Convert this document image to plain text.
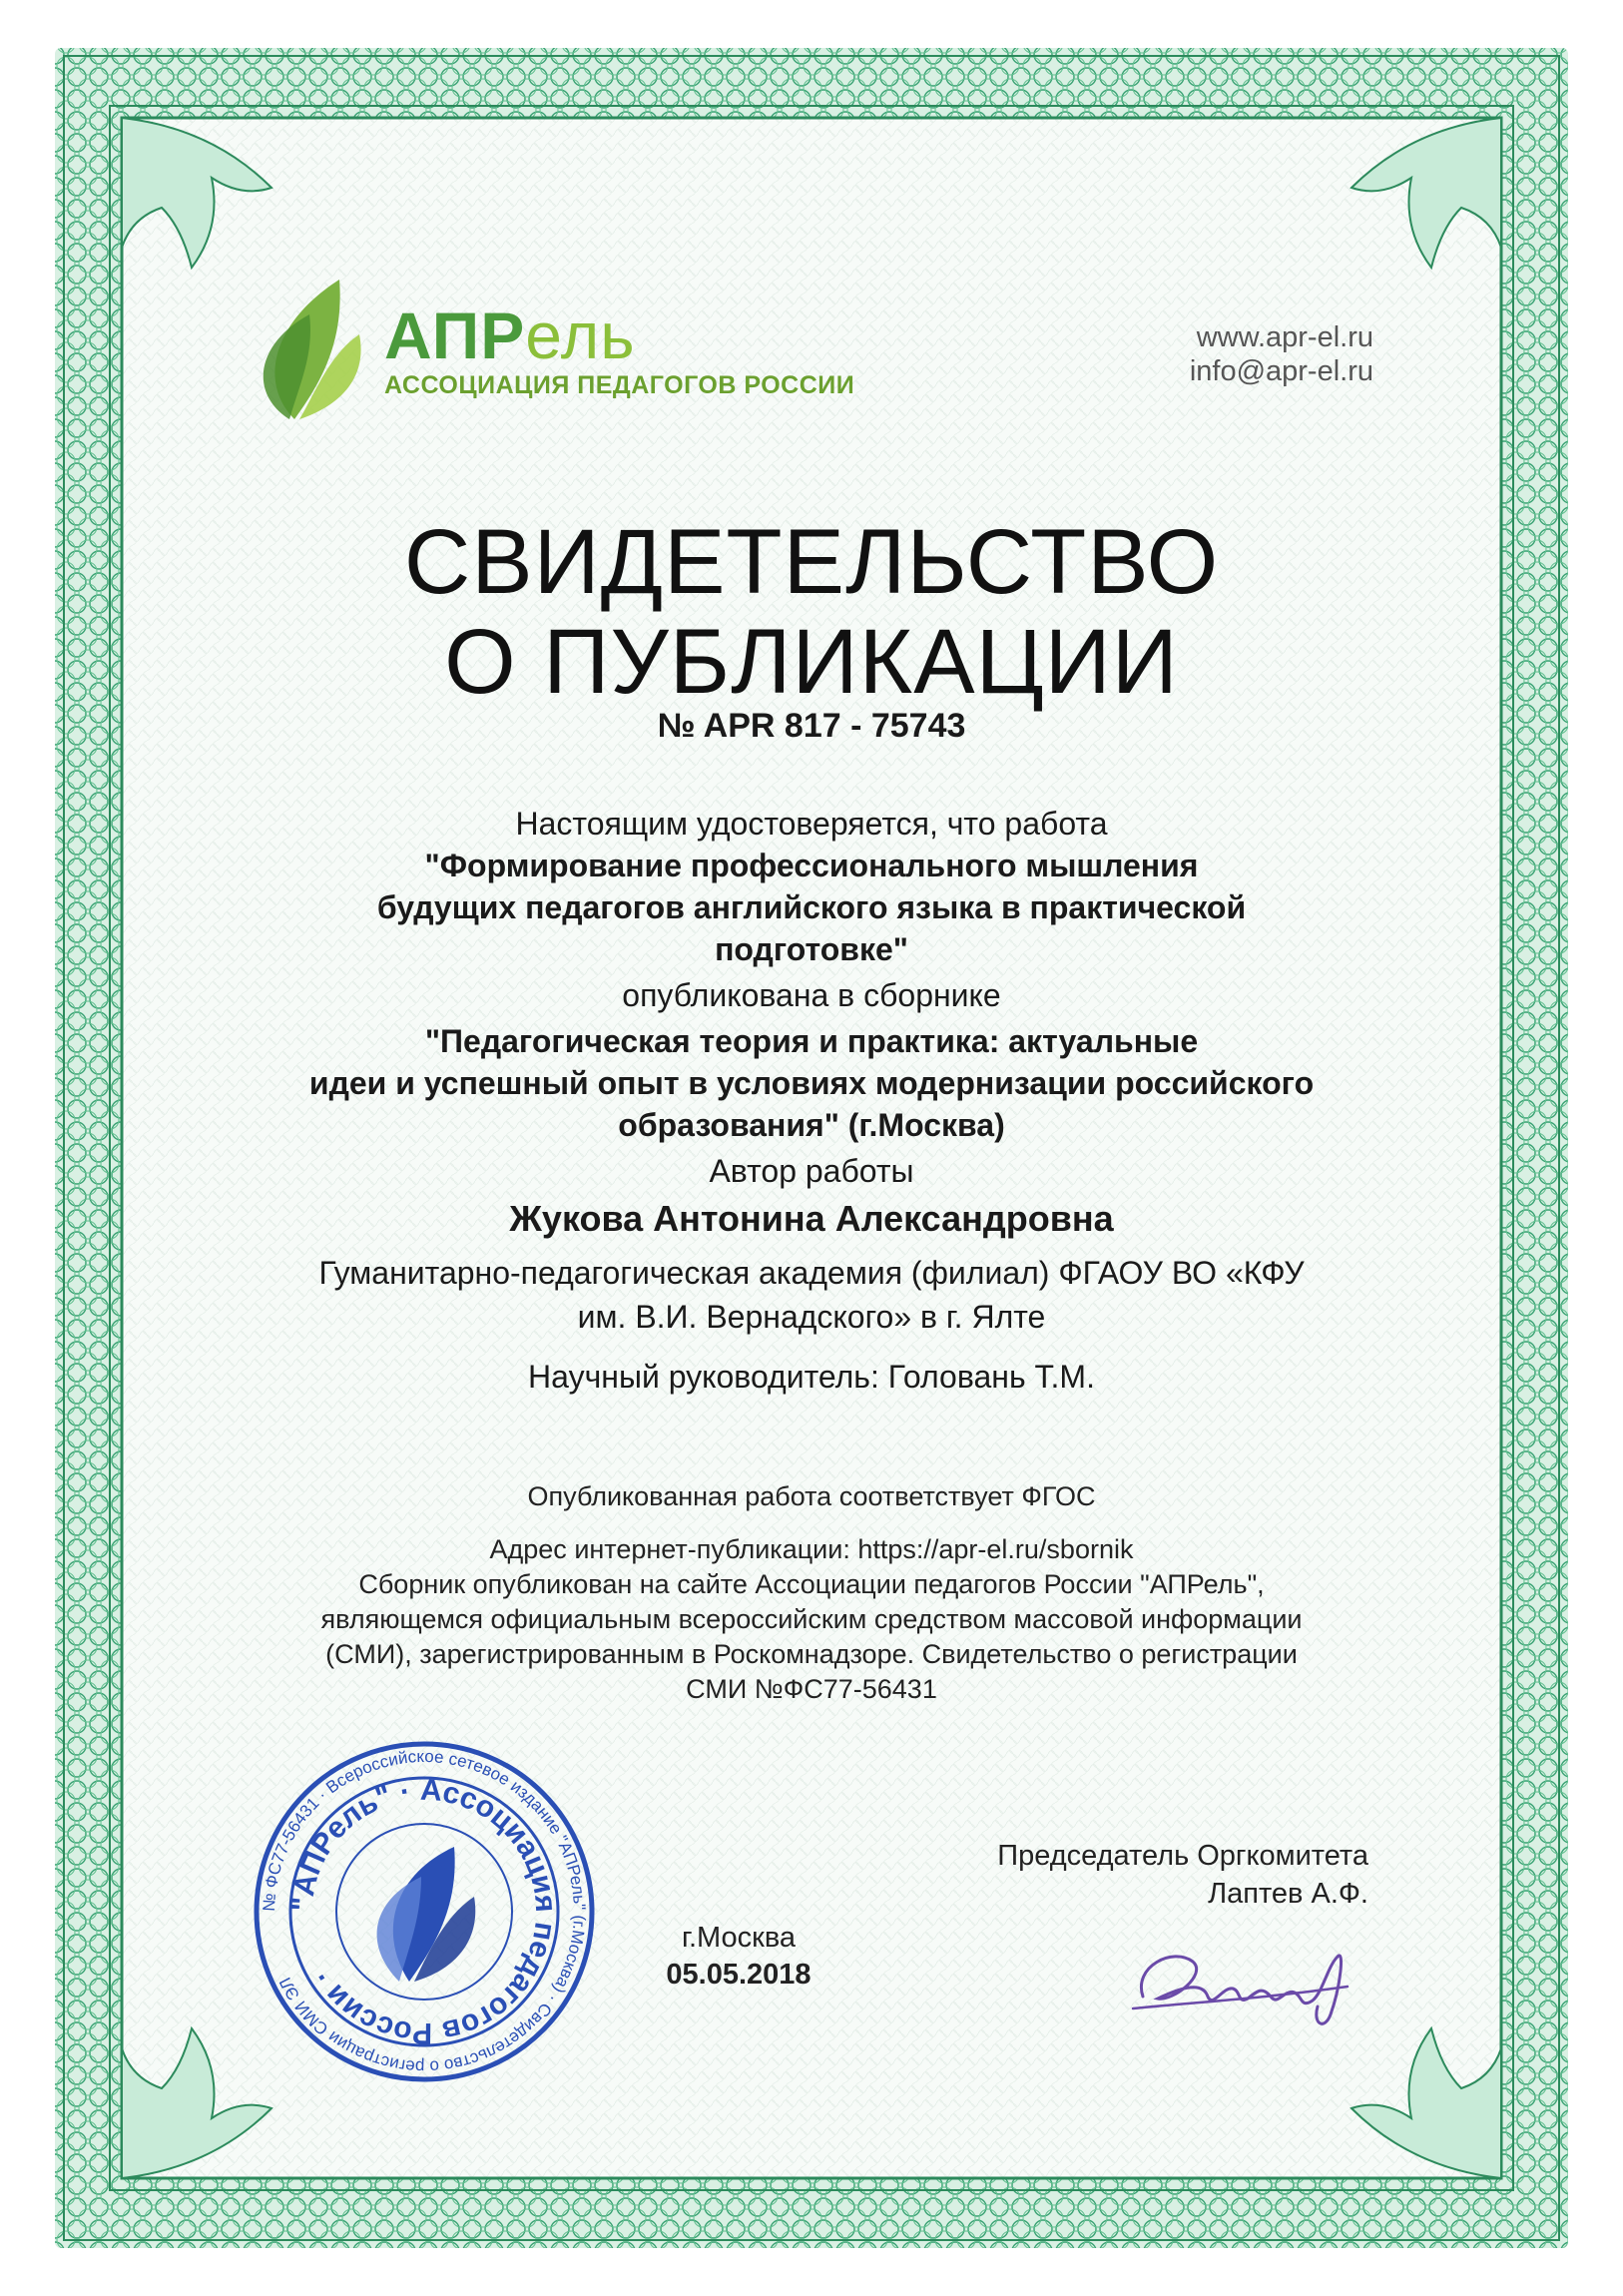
АПРель
АССОЦИАЦИЯ ПЕДАГОГОВ РОССИИ
www.apr-el.ru
info@apr-el.ru
СВИДЕТЕЛЬСТВО
О ПУБЛИКАЦИИ
№ APR 817 - 75743
Настоящим удостоверяется, что работа
"Формирование профессионального мышления
будущих педагогов английского языка в практической
подготовке"
опубликована в сборнике
"Педагогическая теория и практика: актуальные
идеи и успешный опыт в условиях модернизации российского
образования" (г.Москва)
Автор работы
Жукова Антонина Александровна
Гуманитарно-педагогическая академия (филиал) ФГАОУ ВО «КФУ
им. В.И. Вернадского» в г. Ялте
Научный руководитель: Головань Т.М.
Опубликованная работа соответствует ФГОС
Адрес интернет-публикации: https://apr-el.ru/sbornik
Сборник опубликован на сайте Ассоциации педагогов России "АПРель",
являющемся официальным всероссийским средством массовой информации
(СМИ), зарегистрированным в Роскомнадзоре. Свидетельство о регистрации
СМИ №ФС77-56431
№ ФС77-56431 · Всероссийское сетевое издание "АПРель" (г.Москва) · Свидетельство о регистрации СМИ ЭЛ
"АПРель" · Ассоциация педагогов России ·
г.Москва
05.05.2018
Председатель Оргкомитета
Лаптев А.Ф.
